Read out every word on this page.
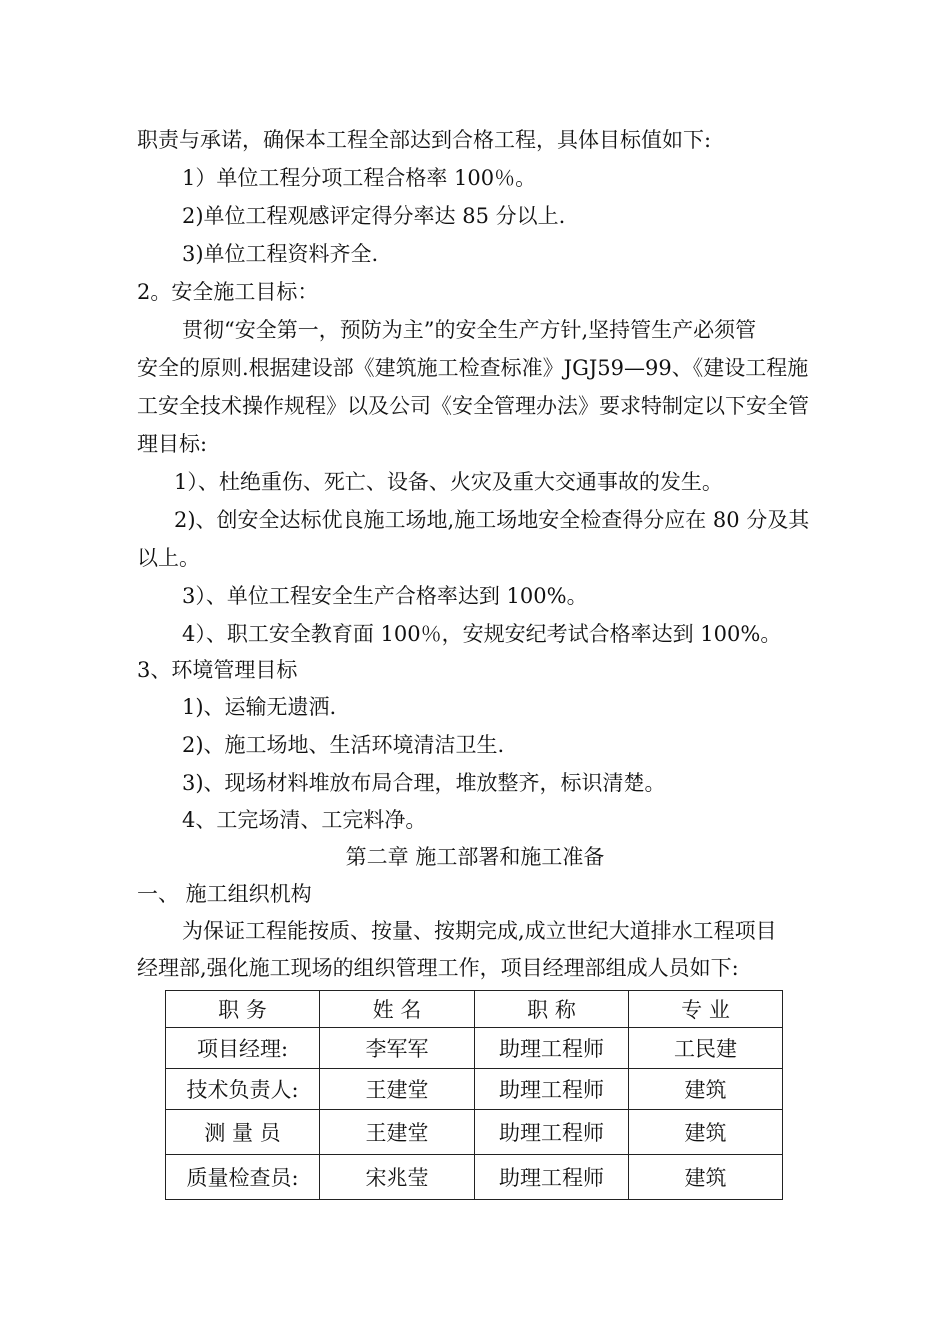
职责与承诺，确保本工程全部达到合格工程，具体目标值如下:
1）单位工程分项工程合格率 100％。
2)单位工程观感评定得分率达 85 分以上.
3)单位工程资料齐全.
2。安全施工目标：
贯彻“安全第一，预防为主”的安全生产方针,坚持管生产必须管
安全的原则.根据建设部《建筑施工检查标准》JGJ59—99、《建设工程施
工安全技术操作规程》以及公司《安全管理办法》要求特制定以下安全管
理目标:
1）、杜绝重伤、死亡、设备、火灾及重大交通事故的发生。
2)、创安全达标优良施工场地,施工场地安全检查得分应在 80 分及其
以上。
3）、单位工程安全生产合格率达到 100%。
4）、职工安全教育面 100％，安规安纪考试合格率达到 100%。
3、环境管理目标
1)、运输无遗洒.
2)、施工场地、生活环境清洁卫生.
3)、现场材料堆放布局合理，堆放整齐，标识清楚。
4、工完场清、工完料净。
第二章 施工部署和施工准备
一、 施工组织机构
为保证工程能按质、按量、按期完成,成立世纪大道排水工程项目
经理部,强化施工现场的组织管理工作，项目经理部组成人员如下:
职 务	姓 名	职 称	专 业
项目经理:	李军军	助理工程师	工民建
技术负责人:	王建堂	助理工程师	建筑
测 量 员	王建堂	助理工程师	建筑
质量检查员:	宋兆莹	助理工程师	建筑
